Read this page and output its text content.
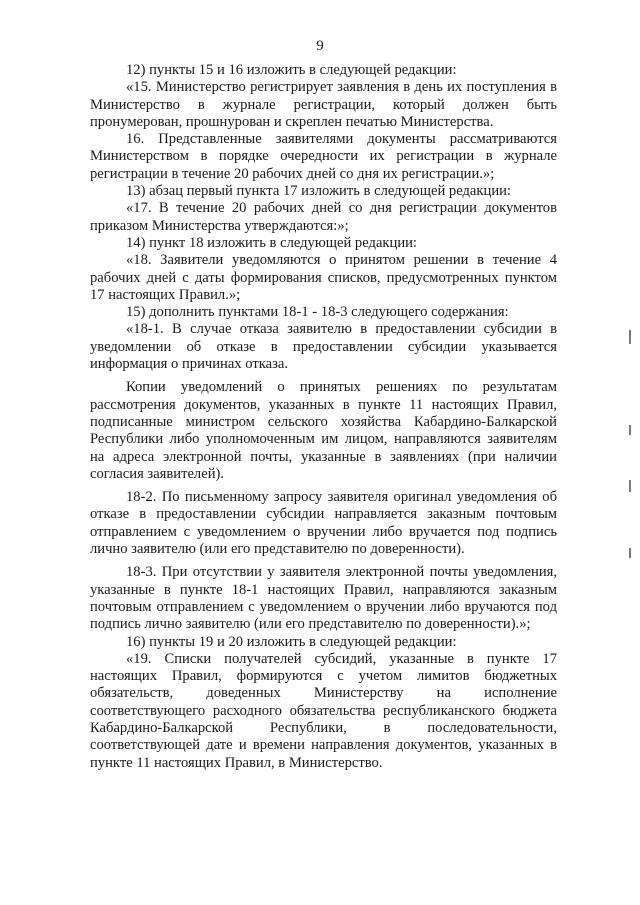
9

12) пункты 15 и 16 изложить в следующей редакции:

«15. Министерство регистрирует заявления в день их поступления в Министерство в журнале регистрации, который должен быть пронумерован, прошнурован и скреплен печатью Министерства.

16. Представленные заявителями документы рассматриваются Министерством в порядке очередности их регистрации в журнале регистрации в течение 20 рабочих дней со дня их регистрации.»;

13) абзац первый пункта 17 изложить в следующей редакции:

«17. В течение 20 рабочих дней со дня регистрации документов приказом Министерства утверждаются:»;

14) пункт 18 изложить в следующей редакции:

«18. Заявители уведомляются о принятом решении в течение 4 рабочих дней с даты формирования списков, предусмотренных пунктом 17 настоящих Правил.»;

15) дополнить пунктами 18-1 - 18-3 следующего содержания:

«18-1. В случае отказа заявителю в предоставлении субсидии в уведомлении об отказе в предоставлении субсидии указывается информация о причинах отказа.

Копии уведомлений о принятых решениях по результатам рассмотрения документов, указанных в пункте 11 настоящих Правил, подписанные министром сельского хозяйства Кабардино-Балкарской Республики либо уполномоченным им лицом, направляются заявителям на адреса электронной почты, указанные в заявлениях (при наличии согласия заявителей).

18-2. По письменному запросу заявителя оригинал уведомления об отказе в предоставлении субсидии направляется заказным почтовым отправлением с уведомлением о вручении либо вручается под подпись лично заявителю (или его представителю по доверенности).

18-3. При отсутствии у заявителя электронной почты уведомления, указанные в пункте 18-1 настоящих Правил, направляются заказным почтовым отправлением с уведомлением о вручении либо вручаются под подпись лично заявителю (или его представителю по доверенности).»;

16) пункты 19 и 20 изложить в следующей редакции:

«19. Списки получателей субсидий, указанные в пункте 17 настоящих Правил, формируются с учетом лимитов бюджетных обязательств, доведенных Министерству на исполнение соответствующего расходного обязательства республиканского бюджета Кабардино-Балкарской Республики, в последовательности, соответствующей дате и времени направления документов, указанных в пункте 11 настоящих Правил, в Министерство.
